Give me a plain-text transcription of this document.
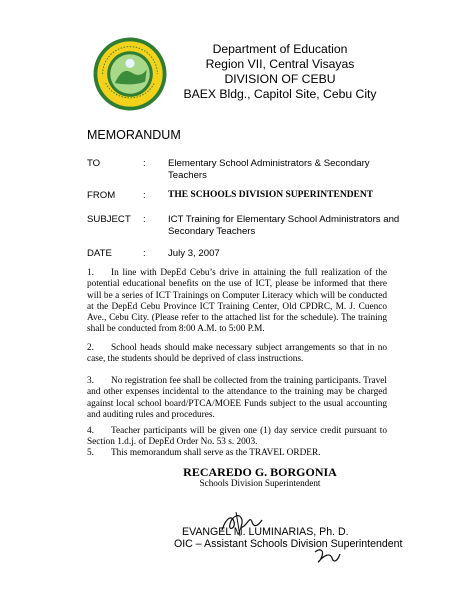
Department of Education
Region VII, Central Visayas
DIVISION OF CEBU
BAEX Bldg., Capitol Site, Cebu City
MEMORANDUM
TO	: Elementary School Administrators & Secondary Teachers
FROM	: THE SCHOOLS DIVISION SUPERINTENDENT
SUBJECT : ICT Training for Elementary School Administrators and Secondary Teachers
DATE	: July 3, 2007
1. In line with DepEd Cebu’s drive in attaining the full realization of the potential educational benefits on the use of ICT, please be informed that there will be a series of ICT Trainings on Computer Literacy which will be conducted at the DepEd Cebu Province ICT Training Center, Old CPDRC, M. J. Cuenco Ave., Cebu City. (Please refer to the attached list for the schedule). The training shall be conducted from 8:00 A.M. to 5:00 P.M.
2. School heads should make necessary subject arrangements so that in no case, the students should be deprived of class instructions.
3. No registration fee shall be collected from the training participants. Travel and other expenses incidental to the attendance to the training may be charged against local school board/PTCA/MOEE Funds subject to the usual accounting and auditing rules and procedures.
4. Teacher participants will be given one (1) day service credit pursuant to Section 1.d.j. of DepEd Order No. 53 s. 2003.
5. This memorandum shall serve as the TRAVEL ORDER.
RECAREDO G. BORGONIA
Schools Division Superintendent
EVANGEL M. LUMINARIAS, Ph. D.
OIC – Assistant Schools Division Superintendent
